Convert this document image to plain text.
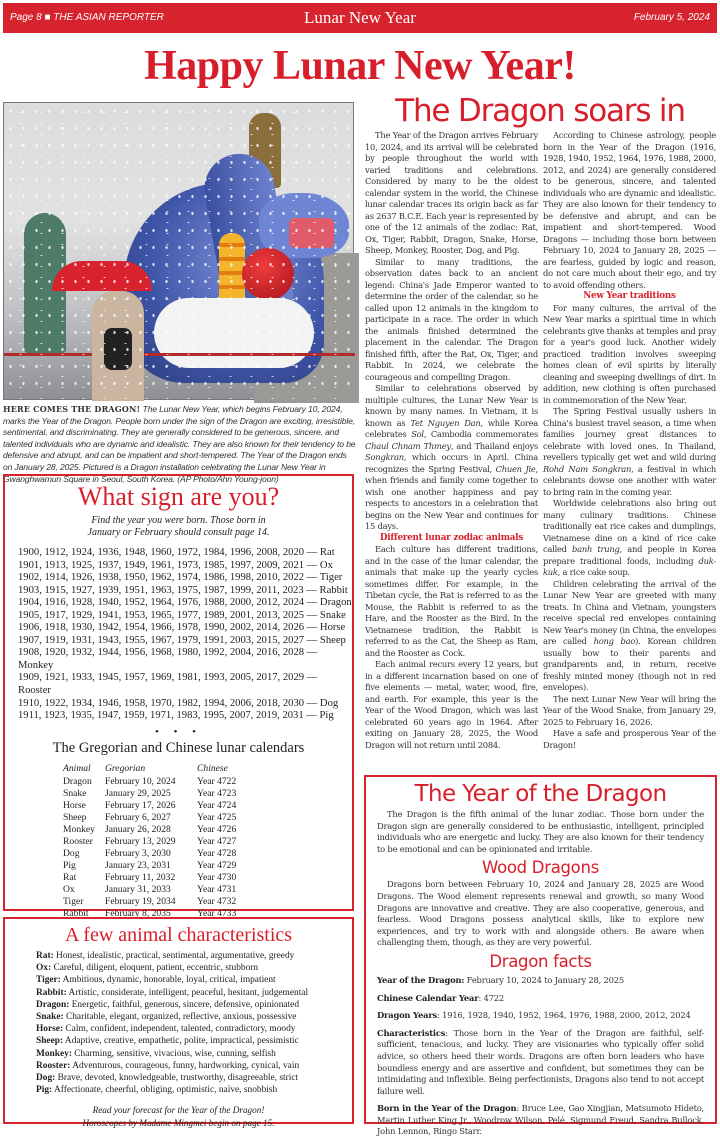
Page 8 ■ THE ASIAN REPORTER	Lunar New Year	February 5, 2024
Happy Lunar New Year!

HERE COMES THE DRAGON! The Lunar New Year, which begins February 10, 2024, marks the Year of the Dragon. People born under the sign of the Dragon are exciting, irresistible, sentimental, and discriminating. They are generally considered to be generous, sincere, and talented individuals who are dynamic and idealistic. They are also known for their tendency to be defensive and abrupt, and can be impatient and short-tempered. The Year of the Dragon ends on January 28, 2025. Pictured is a Dragon installation celebrating the Lunar New Year in Gwanghwamun Square in Seoul, South Korea. (AP Photo/Ahn Young-joon)

What sign are you?
Find the year you were born. Those born in
January or February should consult page 14.
1900, 1912, 1924, 1936, 1948, 1960, 1972, 1984, 1996, 2008, 2020 — Rat
1901, 1913, 1925, 1937, 1949, 1961, 1973, 1985, 1997, 2009, 2021 — Ox
1902, 1914, 1926, 1938, 1950, 1962, 1974, 1986, 1998, 2010, 2022 — Tiger
1903, 1915, 1927, 1939, 1951, 1963, 1975, 1987, 1999, 2011, 2023 — Rabbit
1904, 1916, 1928, 1940, 1952, 1964, 1976, 1988, 2000, 2012, 2024 — Dragon
1905, 1917, 1929, 1941, 1953, 1965, 1977, 1989, 2001, 2013, 2025 — Snake
1906, 1918, 1930, 1942, 1954, 1966, 1978, 1990, 2002, 2014, 2026 — Horse
1907, 1919, 1931, 1943, 1955, 1967, 1979, 1991, 2003, 2015, 2027 — Sheep
1908, 1920, 1932, 1944, 1956, 1968, 1980, 1992, 2004, 2016, 2028 — Monkey
1909, 1921, 1933, 1945, 1957, 1969, 1981, 1993, 2005, 2017, 2029 — Rooster
1910, 1922, 1934, 1946, 1958, 1970, 1982, 1994, 2006, 2018, 2030 — Dog
1911, 1923, 1935, 1947, 1959, 1971, 1983, 1995, 2007, 2019, 2031 — Pig
• • •
The Gregorian and Chinese lunar calendars
Animal	Gregorian	Chinese
Dragon	February 10, 2024	Year 4722
Snake	January 29, 2025	Year 4723
Horse	February 17, 2026	Year 4724
Sheep	February 6, 2027	Year 4725
Monkey	January 26, 2028	Year 4726
Rooster	February 13, 2029	Year 4727
Dog	February 3, 2030	Year 4728
Pig	January 23, 2031	Year 4729
Rat	February 11, 2032	Year 4730
Ox	January 31, 2033	Year 4731
Tiger	February 19, 2034	Year 4732
Rabbit	February 8, 2035	Year 4733
A few animal characteristics
Rat: Honest, idealistic, practical, sentimental, argumentative, greedy
Ox: Careful, diligent, eloquent, patient, eccentric, stubborn
Tiger: Ambitious, dynamic, honorable, loyal, critical, impatient
Rabbit: Artistic, considerate, intelligent, peaceful, hesitant, judgemental
Dragon: Energetic, faithful, generous, sincere, defensive, opinionated
Snake: Charitable, elegant, organized, reflective, anxious, possessive
Horse: Calm, confident, independent, talented, contradictory, moody
Sheep: Adaptive, creative, empathetic, polite, impractical, pessimistic
Monkey: Charming, sensitive, vivacious, wise, cunning, selfish
Rooster: Adventurous, courageous, funny, hardworking, cynical, vain
Dog: Brave, devoted, knowledgeable, trustworthy, disagreeable, strict
Pig: Affectionate, cheerful, obliging, optimistic, naïve, snobbish
Read your forecast for the Year of the Dragon!
Horoscopes by Madame Mingmei begin on page 15.
The Dragon soars in

The Year of the Dragon arrives February 10, 2024, and its arrival will be celebrated by people throughout the world with varied traditions and celebrations. Considered by many to be the oldest calendar system in the world, the Chinese lunar calendar traces its origin back as far as 2637 B.C.E. Each year is represented by one of the 12 animals of the zodiac: Rat, Ox, Tiger, Rabbit, Dragon, Snake, Horse, Sheep, Monkey, Rooster, Dog, and Pig.

Similar to many traditions, the observation dates back to an ancient legend: China's Jade Emperor wanted to determine the order of the calendar, so he called upon 12 animals in the kingdom to participate in a race. The order in which the animals finished determined the placement in the calendar. The Dragon finished fifth, after the Rat, Ox, Tiger, and Rabbit. In 2024, we celebrate the courageous and compelling Dragon.

Similar to celebrations observed by multiple cultures, the Lunar New Year is known by many names. In Vietnam, it is known as Tet Nguyen Dan, while Korea celebrates Sol, Cambodia commemorates Chaul Chnam Thmey, and Thailand enjoys Songkran, which occurs in April. China recognizes the Spring Festival, Chuen Jie, when friends and family come together to wish one another happiness and pay respects to ancestors in a celebration that begins on the New Year and continues for 15 days.

Different lunar zodiac animals

Each culture has different traditions, and in the case of the lunar calendar, the animals that make up the yearly cycles sometimes differ. For example, in the Tibetan cycle, the Rat is referred to as the Mouse, the Rabbit is referred to as the Hare, and the Rooster as the Bird. In the Vietnamese tradition, the Rabbit is referred to as the Cat, the Sheep as Ram, and the Rooster as Cock.

Each animal recurs every 12 years, but in a different incarnation based on one of five elements — metal, water, wood, fire, and earth. For example, this year is the Year of the Wood Dragon, which was last celebrated 60 years ago in 1964. After exiting on January 28, 2025, the Wood Dragon will not return until 2084.

According to Chinese astrology, people born in the Year of the Dragon (1916, 1928, 1940, 1952, 1964, 1976, 1988, 2000, 2012, and 2024) are generally considered to be generous, sincere, and talented individuals who are dynamic and idealistic. They are also known for their tendency to be defensive and abrupt, and can be impatient and short-tempered. Wood Dragons — including those born between February 10, 2024 to January 28, 2025 — are fearless, guided by logic and reason, do not care much about their ego, and try to avoid offending others.

New Year traditions

For many cultures, the arrival of the New Year marks a spiritual time in which celebrants give thanks at temples and pray for a year's good luck. Another widely practiced tradition involves sweeping homes clean of evil spirits by literally cleaning and sweeping dwellings of dirt. In addition, new clothing is often purchased in commemoration of the New Year.

The Spring Festival usually ushers in China's busiest travel season, a time when families journey great distances to celebrate with loved ones. In Thailand, revellers typically get wet and wild during Rohd Nam Songkran, a festival in which celebrants dowse one another with water to bring rain in the coming year.

Worldwide celebrations also bring out many culinary traditions. Chinese traditionally eat rice cakes and dumplings, Vietnamese dine on a kind of rice cake called banh trung, and people in Korea prepare traditional foods, including duk-kuk, a rice cake soup.

Children celebrating the arrival of the Lunar New Year are greeted with many treats. In China and Vietnam, youngsters receive special red envelopes containing New Year's money (in China, the envelopes are called hong bao). Korean children usually bow to their parents and grandparents and, in return, receive freshly minted money (though not in red envelopes).

The next Lunar New Year will bring the Year of the Wood Snake, from January 29, 2025 to February 16, 2026.

Have a safe and prosperous Year of the Dragon!

The Year of the Dragon

The Dragon is the fifth animal of the lunar zodiac. Those born under the Dragon sign are generally considered to be enthusiastic, intelligent, principled individuals who are energetic and lucky. They are also known for their tendency to be emotional and can be opinionated and irritable.

Wood Dragons

Dragons born between February 10, 2024 and January 28, 2025 are Wood Dragons. The Wood element represents renewal and growth, so many Wood Dragons are innovative and creative. They are also cooperative, generous, and fearless. Wood Dragons possess analytical skills, like to explore new experiences, and try to work with and alongside others. Be aware when challenging them, though, as they are very powerful.

Dragon facts
Year of the Dragon: February 10, 2024 to January 28, 2025
Chinese Calendar Year: 4722
Dragon Years: 1916, 1928, 1940, 1952, 1964, 1976, 1988, 2000, 2012, 2024
Characteristics: Those born in the Year of the Dragon are faithful, self-sufficient, tenacious, and lucky. They are visionaries who typically offer solid advice, so others heed their words. Dragons are often born leaders who have boundless energy and are assertive and confident, but sometimes they can be intimidating and inflexible. Being perfectionists, Dragons also tend to not accept failure well.
Born in the Year of the Dragon: Bruce Lee, Gao Xingjian, Matsumoto Hideto, Martin Luther King Jr., Woodrow Wilson, Pelé, Sigmund Freud, Sandra Bullock, John Lennon, Ringo Starr.
